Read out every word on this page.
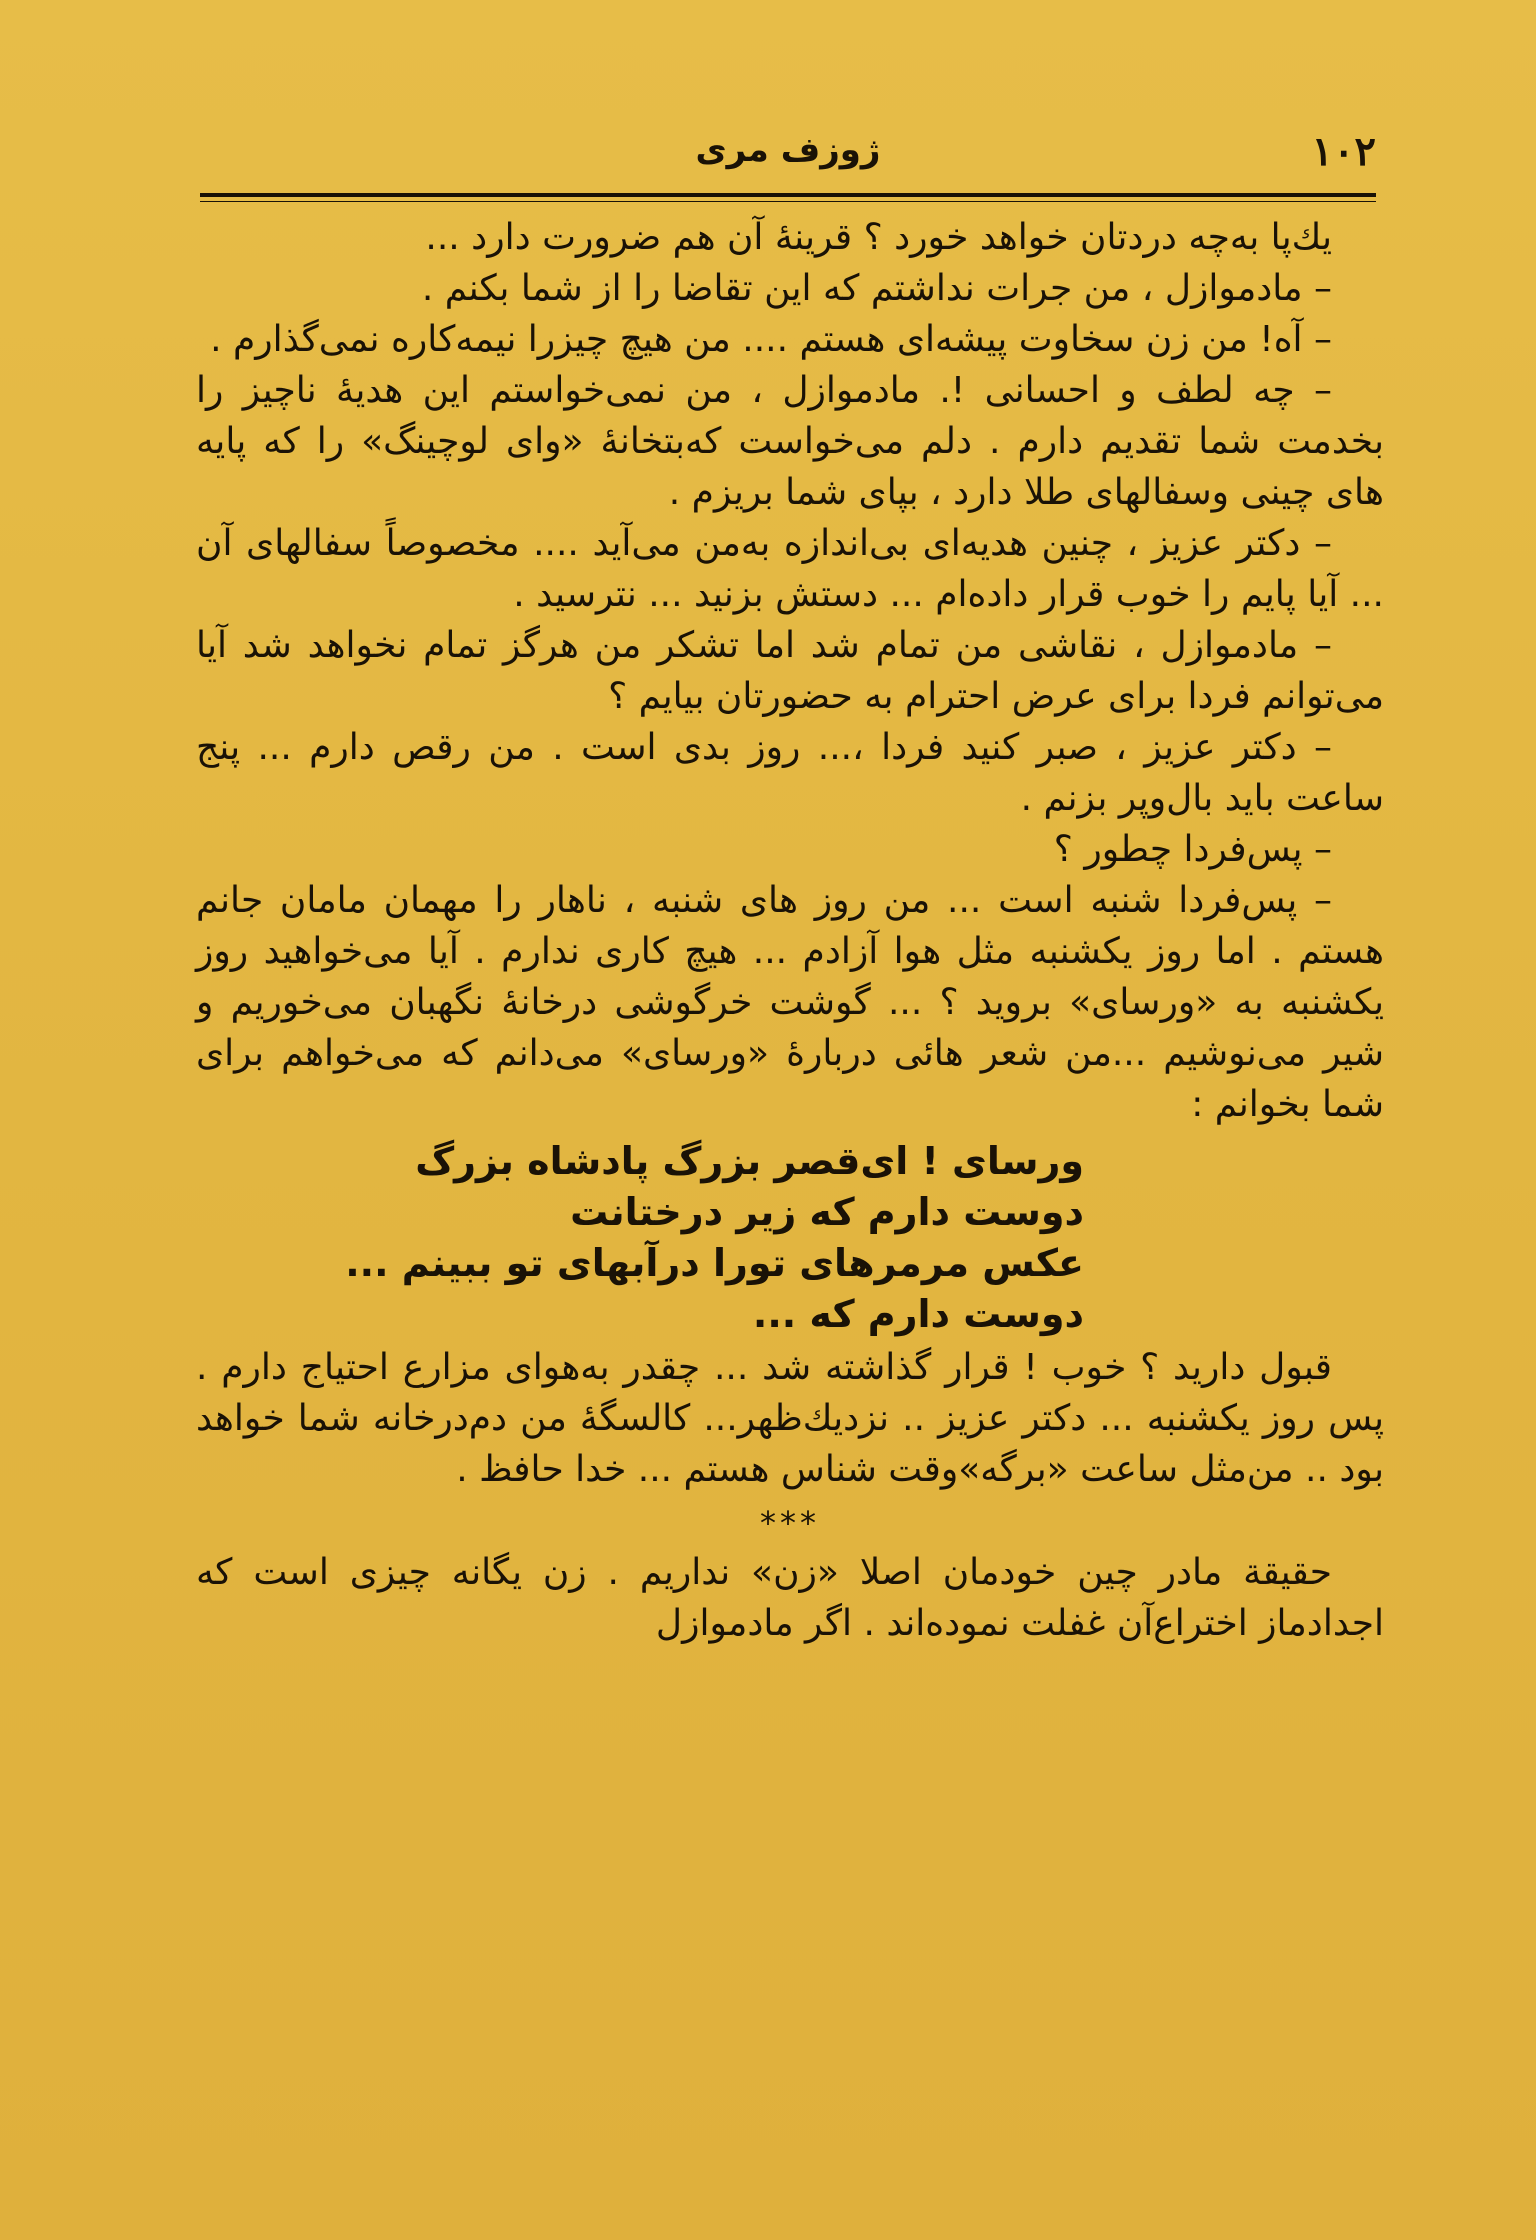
۱۰۲
ژوزف مری

یك‌پا به‌چه دردتان خواهد خورد ؟ قرینهٔ آن هم ضرورت دارد ...

– مادموازل ، من جرات نداشتم که این تقاضا را از شما بکنم .

– آه! من زن سخاوت پیشه‌ای هستم .... من هیچ چیزرا نیمه‌کاره نمی‌گذارم .

– چه لطف و احسانی !. مادموازل ، من نمی‌خواستم این هدیهٔ ناچیز را بخدمت شما تقدیم دارم . دلم می‌خواست که‌بتخانهٔ «وای لوچینگ» را که پایه های چینی وسفالهای طلا دارد ، بپای شما بریزم .

– دکتر عزیز ، چنین هدیه‌ای بی‌اندازه به‌من می‌آید .... مخصوصاً سفالهای آن ... آیا پایم را خوب قرار داده‌ام ... دستش بزنید ... نترسید .

– مادموازل ، نقاشی من تمام شد اما تشکر من هرگز تمام نخواهد شد آیا می‌توانم فردا برای عرض احترام به حضورتان بیایم ؟

– دکتر عزیز ، صبر کنید فردا ،... روز بدی است . من رقص دارم ... پنج ساعت باید بال‌وپر بزنم .

– پس‌فردا چطور ؟

– پس‌فردا شنبه است ... من روز های شنبه ، ناهار را مهمان مامان جانم هستم . اما روز یکشنبه مثل هوا آزادم ... هیچ کاری ندارم . آیا می‌خواهید روز یکشنبه به «ورسای» بروید ؟ ... گوشت خرگوشی درخانهٔ نگهبان می‌خوریم و شیر می‌نوشیم ...من شعر هائی دربارهٔ «ورسای» می‌دانم که می‌خواهم برای شما بخوانم :

ورسای ! ای‌قصر بزرگ پادشاه بزرگ
دوست دارم که زیر درختانت
عکس مرمرهای تورا درآبهای تو ببینم ...
دوست دارم که ...

قبول دارید ؟ خوب ! قرار گذاشته شد ... چقدر به‌هوای مزارع احتیاج دارم . پس روز یکشنبه ... دکتر عزیز .. نزدیك‌ظهر... کالسگهٔ من دم‌درخانه شما خواهد بود .. من‌مثل ساعت «برگه»وقت شناس هستم ... خدا حافظ .

***

حقیقة مادر چین خودمان اصلا «زن» نداریم . زن یگانه چیزی است که اجدادماز اختراع‌آن غفلت نموده‌اند . اگر مادموازل
